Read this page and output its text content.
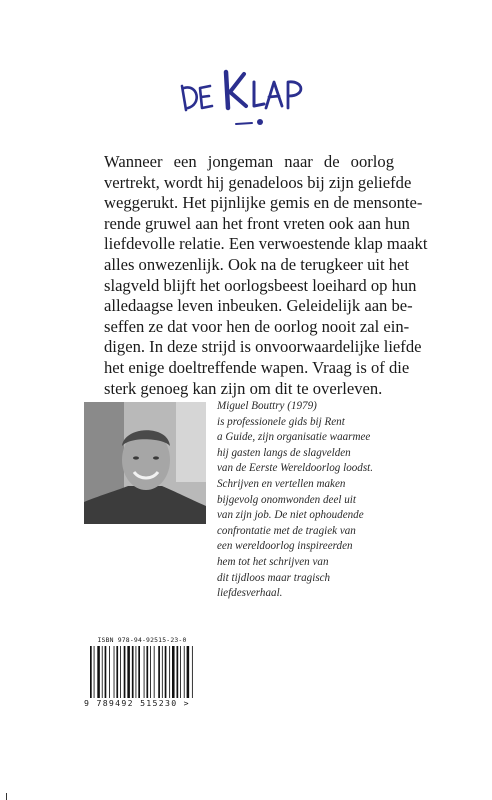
Wanneer een jongeman naar de oorlog
vertrekt, wordt hij genadeloos bij zijn geliefde
weggerukt. Het pijnlijke gemis en de mensonte-
rende gruwel aan het front vreten ook aan hun
liefdevolle relatie. Een verwoestende klap maakt
alles onwezenlijk. Ook na de terugkeer uit het
slagveld blijft het oorlogsbeest loeihard op hun
alledaagse leven inbeuken. Geleidelijk aan be-
seffen ze dat voor hen de oorlog nooit zal ein-
digen. In deze strijd is onvoorwaardelijke liefde
het enige doeltreffende wapen. Vraag is of die
sterk genoeg kan zijn om dit te overleven.
Miguel Bouttry (1979)
is professionele gids bij Rent
a Guide, zijn organisatie waarmee
hij gasten langs de slagvelden
van de Eerste Wereldoorlog loodst.
Schrijven en vertellen maken
bijgevolg onomwonden deel uit
van zijn job. De niet ophoudende
confrontatie met de tragiek van
een wereldoorlog inspireerden
hem tot het schrijven van
dit tijdloos maar tragisch
liefdesverhaal.
ISBN 978-94-92515-23-0
9 789492 515230 >
